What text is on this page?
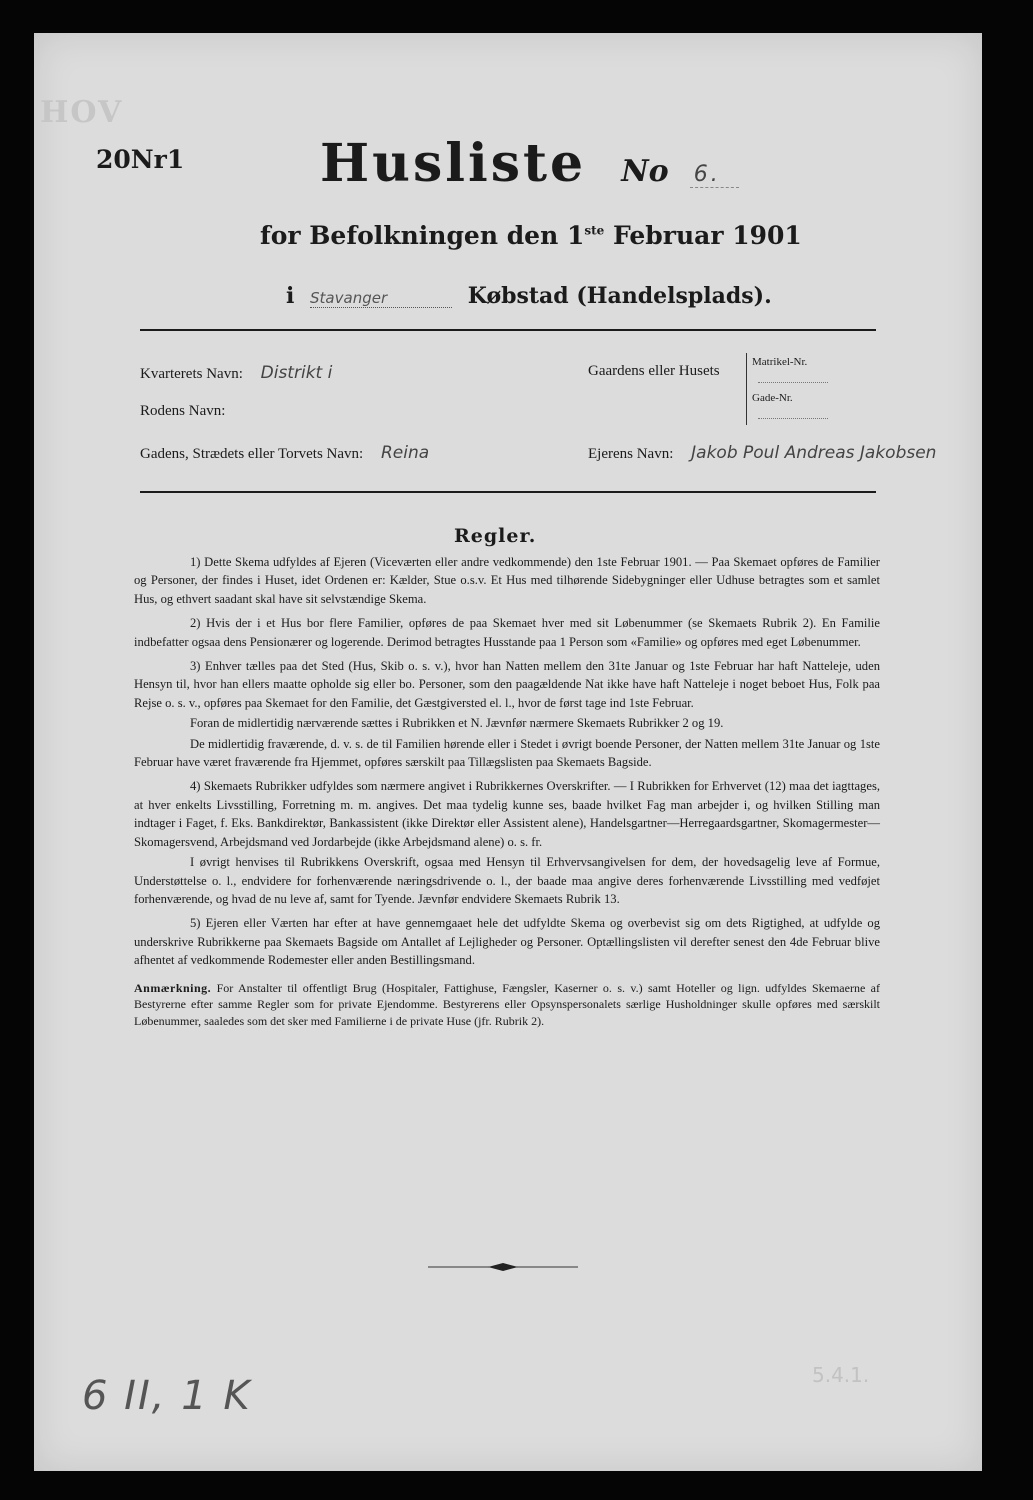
HOV
20Nr1	Husliste No 6.
for Befolkningen den 1ste Februar 1901
i Stavanger	Købstad (Handelsplads).
Kvarterets Navn: Distrikt i
Rodens Navn:
Gadens, Strædets eller Torvets Navn: Reina
Gaardens eller Husets
Matrikel-Nr.
Gade-Nr.
Ejerens Navn: Jakob Poul Andreas Jakobsen
Regler.

1) Dette Skema udfyldes af Ejeren (Viceværten eller andre vedkommende) den 1ste Februar 1901. — Paa Skemaet opføres de Familier og Personer, der findes i Huset, idet Ordenen er: Kælder, Stue o.s.v. Et Hus med tilhørende Sidebygninger eller Udhuse betragtes som et samlet Hus, og ethvert saadant skal have sit selvstændige Skema.

2) Hvis der i et Hus bor flere Familier, opføres de paa Skemaet hver med sit Løbenummer (se Skemaets Rubrik 2). En Familie indbefatter ogsaa dens Pensionærer og logerende. Derimod betragtes Husstande paa 1 Person som «Familie» og opføres med eget Løbenummer.

3) Enhver tælles paa det Sted (Hus, Skib o. s. v.), hvor han Natten mellem den 31te Januar og 1ste Februar har haft Natteleje, uden Hensyn til, hvor han ellers maatte opholde sig eller bo. Personer, som den paagældende Nat ikke have haft Natteleje i noget beboet Hus, Folk paa Rejse o. s. v., opføres paa Skemaet for den Familie, det Gæstgiversted el. l., hvor de først tage ind 1ste Februar.

Foran de midlertidig nærværende sættes i Rubrikken et N. Jævnfør nærmere Skemaets Rubrikker 2 og 19.

De midlertidig fraværende, d. v. s. de til Familien hørende eller i Stedet i øvrigt boende Personer, der Natten mellem 31te Januar og 1ste Februar have været fraværende fra Hjemmet, opføres særskilt paa Tillægslisten paa Skemaets Bagside.

4) Skemaets Rubrikker udfyldes som nærmere angivet i Rubrikkernes Overskrifter. — I Rubrikken for Erhvervet (12) maa det iagttages, at hver enkelts Livsstilling, Forretning m. m. angives. Det maa tydelig kunne ses, baade hvilket Fag man arbejder i, og hvilken Stilling man indtager i Faget, f. Eks. Bankdirektør, Bankassistent (ikke Direktør eller Assistent alene), Handelsgartner—Herregaardsgartner, Skomagermester—Skomagersvend, Arbejdsmand ved Jordarbejde (ikke Arbejdsmand alene) o. s. fr.

I øvrigt henvises til Rubrikkens Overskrift, ogsaa med Hensyn til Erhvervsangivelsen for dem, der hovedsagelig leve af Formue, Understøttelse o. l., endvidere for forhenværende næringsdrivende o. l., der baade maa angive deres forhenværende Livsstilling med vedføjet forhenværende, og hvad de nu leve af, samt for Tyende. Jævnfør endvidere Skemaets Rubrik 13.

5) Ejeren eller Værten har efter at have gennemgaaet hele det udfyldte Skema og overbevist sig om dets Rigtighed, at udfylde og underskrive Rubrikkerne paa Skemaets Bagside om Antallet af Lejligheder og Personer. Optællingslisten vil derefter senest den 4de Februar blive afhentet af vedkommende Rodemester eller anden Bestillingsmand.

Anmærkning. For Anstalter til offentligt Brug (Hospitaler, Fattighuse, Fængsler, Kaserner o. s. v.) samt Hoteller og lign. udfyldes Skemaerne af Bestyrerne efter samme Regler som for private Ejendomme. Bestyrerens eller Opsynspersonalets særlige Husholdninger skulle opføres med særskilt Løbenummer, saaledes som det sker med Familierne i de private Huse (jfr. Rubrik 2).

6 II, 1 K	5.4.1.
